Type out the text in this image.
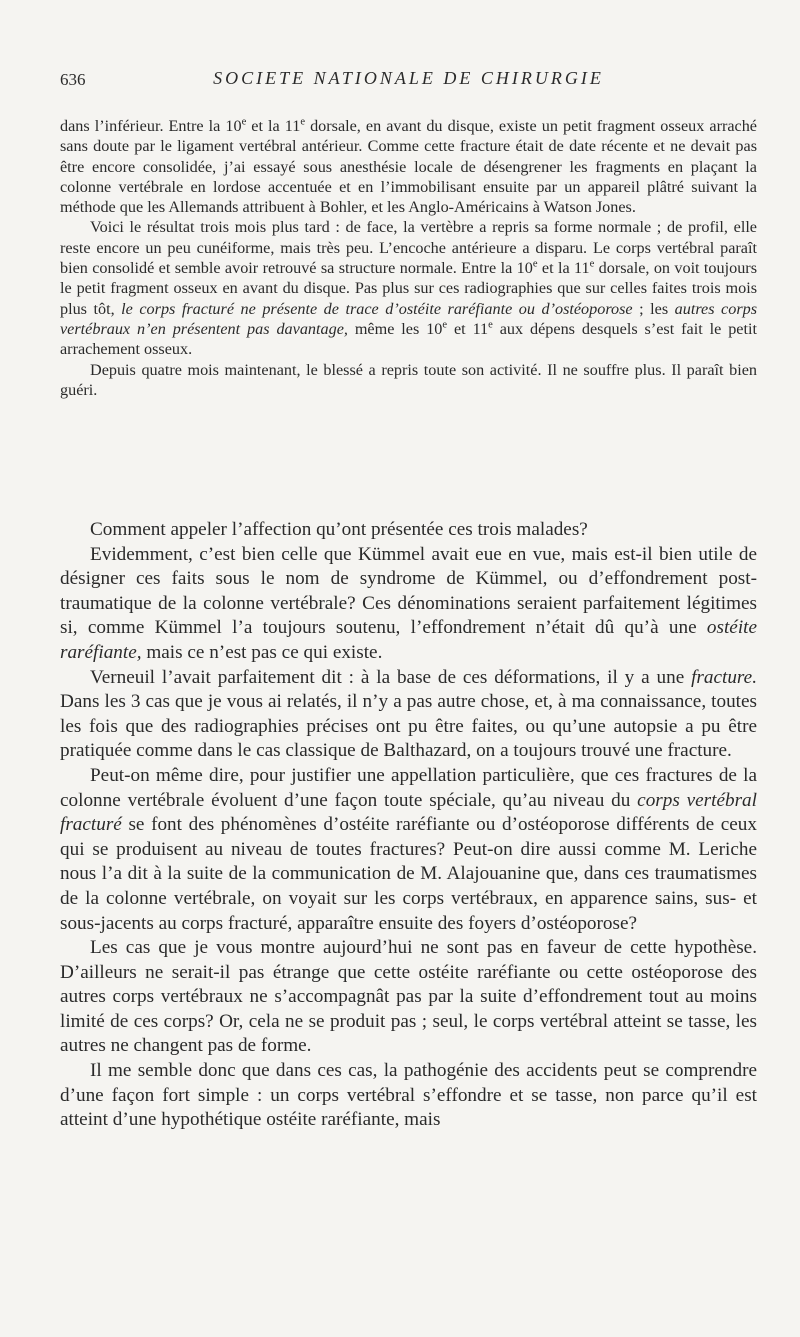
636	SOCIETE NATIONALE DE CHIRURGIE

dans l’inférieur. Entre la 10e et la 11e dorsale, en avant du disque, existe un petit fragment osseux arraché sans doute par le ligament vertébral antérieur. Comme cette fracture était de date récente et ne devait pas être encore consolidée, j’ai essayé sous anesthésie locale de désengrener les fragments en plaçant la colonne vertébrale en lordose accentuée et en l’immobilisant ensuite par un appareil plâtré suivant la méthode que les Allemands attribuent à Bohler, et les Anglo-Américains à Watson Jones.

Voici le résultat trois mois plus tard : de face, la vertèbre a repris sa forme normale ; de profil, elle reste encore un peu cunéiforme, mais très peu. L’encoche antérieure a disparu. Le corps vertébral paraît bien consolidé et semble avoir retrouvé sa structure normale. Entre la 10e et la 11e dorsale, on voit toujours le petit fragment osseux en avant du disque. Pas plus sur ces radiographies que sur celles faites trois mois plus tôt, le corps fracturé ne présente de trace d’ostéite raréfiante ou d’ostéoporose ; les autres corps vertébraux n’en présentent pas davantage, même les 10e et 11e aux dépens desquels s’est fait le petit arrachement osseux.

Depuis quatre mois maintenant, le blessé a repris toute son activité. Il ne souffre plus. Il paraît bien guéri.

Comment appeler l’affection qu’ont présentée ces trois malades?

Evidemment, c’est bien celle que Kümmel avait eue en vue, mais est-il bien utile de désigner ces faits sous le nom de syndrome de Kümmel, ou d’effondrement post-traumatique de la colonne vertébrale? Ces dénominations seraient parfaitement légitimes si, comme Kümmel l’a toujours soutenu, l’effondrement n’était dû qu’à une ostéite raréfiante, mais ce n’est pas ce qui existe.

Verneuil l’avait parfaitement dit : à la base de ces déformations, il y a une fracture. Dans les 3 cas que je vous ai relatés, il n’y a pas autre chose, et, à ma connaissance, toutes les fois que des radiographies précises ont pu être faites, ou qu’une autopsie a pu être pratiquée comme dans le cas classique de Balthazard, on a toujours trouvé une fracture.

Peut-on même dire, pour justifier une appellation particulière, que ces fractures de la colonne vertébrale évoluent d’une façon toute spéciale, qu’au niveau du corps vertébral fracturé se font des phénomènes d’ostéite raréfiante ou d’ostéoporose différents de ceux qui se produisent au niveau de toutes fractures? Peut-on dire aussi comme M. Leriche nous l’a dit à la suite de la communication de M. Alajouanine que, dans ces traumatismes de la colonne vertébrale, on voyait sur les corps vertébraux, en apparence sains, sus- et sous-jacents au corps fracturé, apparaître ensuite des foyers d’ostéoporose?

Les cas que je vous montre aujourd’hui ne sont pas en faveur de cette hypothèse. D’ailleurs ne serait-il pas étrange que cette ostéite raréfiante ou cette ostéoporose des autres corps vertébraux ne s’accompagnât pas par la suite d’effondrement tout au moins limité de ces corps? Or, cela ne se produit pas ; seul, le corps vertébral atteint se tasse, les autres ne changent pas de forme.

Il me semble donc que dans ces cas, la pathogénie des accidents peut se comprendre d’une façon fort simple : un corps vertébral s’effondre et se tasse, non parce qu’il est atteint d’une hypothétique ostéite raréfiante, mais
